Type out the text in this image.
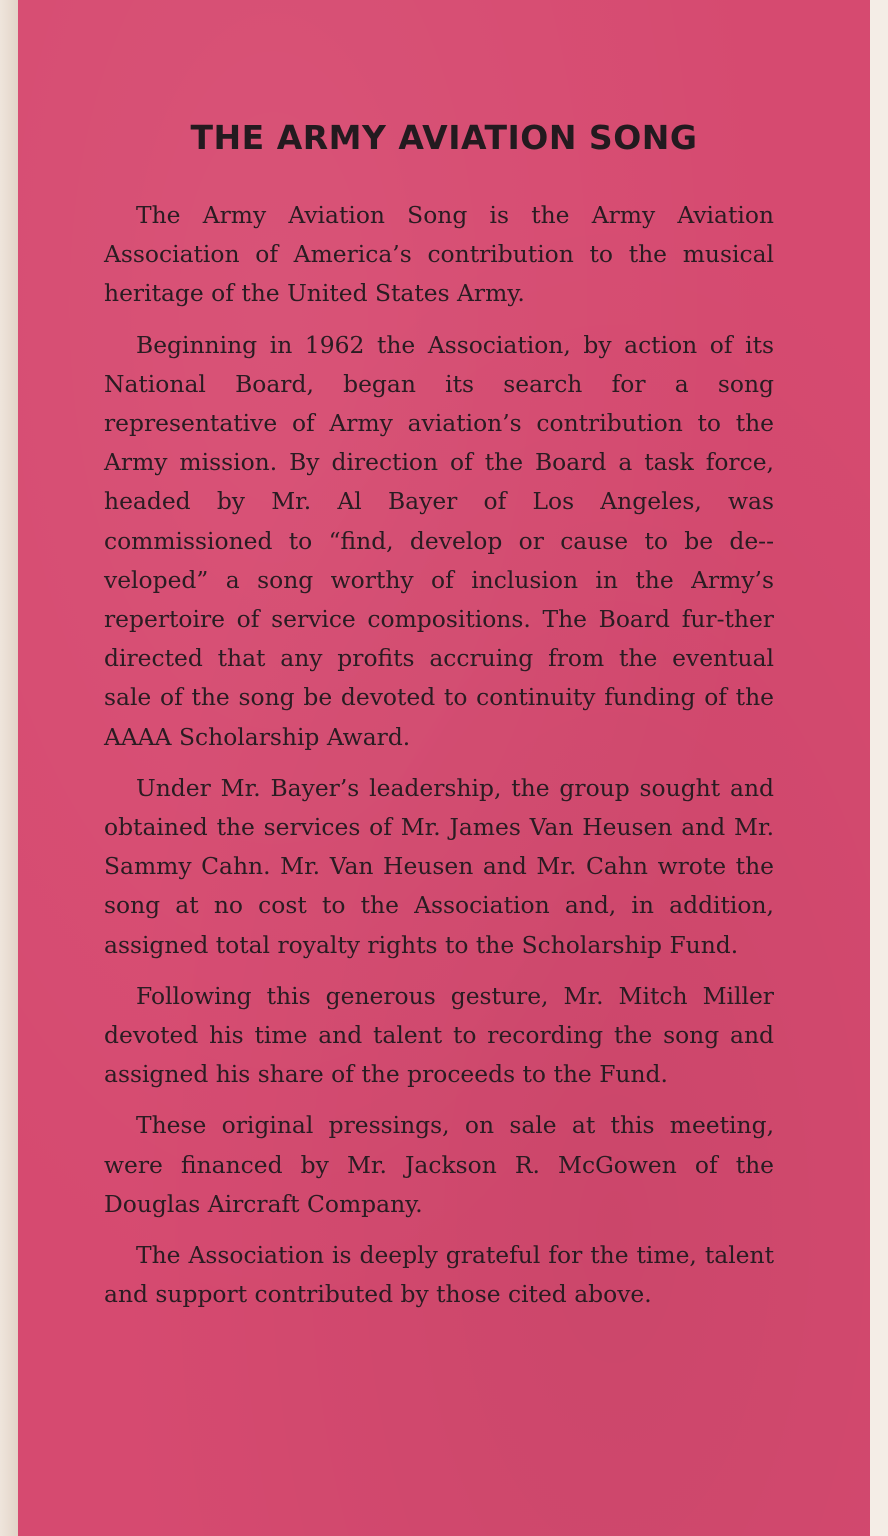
THE ARMY AVIATION SONG

The Army Aviation Song is the Army Aviation Association of America’s contribution to the musical heritage of the United States Army.

Beginning in 1962 the Association, by action of its National Board, began its search for a song representative of Army aviation’s contribution to the Army mission. By direction of the Board a task force, headed by Mr. Al Bayer of Los Angeles, was commissioned to “find, develop or cause to be de-veloped” a song worthy of inclusion in the Army’s repertoire of service compositions. The Board fur-ther directed that any profits accruing from the eventual sale of the song be devoted to continuity funding of the AAAA Scholarship Award.

Under Mr. Bayer’s leadership, the group sought and obtained the services of Mr. James Van Heusen and Mr. Sammy Cahn. Mr. Van Heusen and Mr. Cahn wrote the song at no cost to the Association and, in addition, assigned total royalty rights to the Scholarship Fund.

Following this generous gesture, Mr. Mitch Miller devoted his time and talent to recording the song and assigned his share of the proceeds to the Fund.

These original pressings, on sale at this meeting, were financed by Mr. Jackson R. McGowen of the Douglas Aircraft Company.

The Association is deeply grateful for the time, talent and support contributed by those cited above.
